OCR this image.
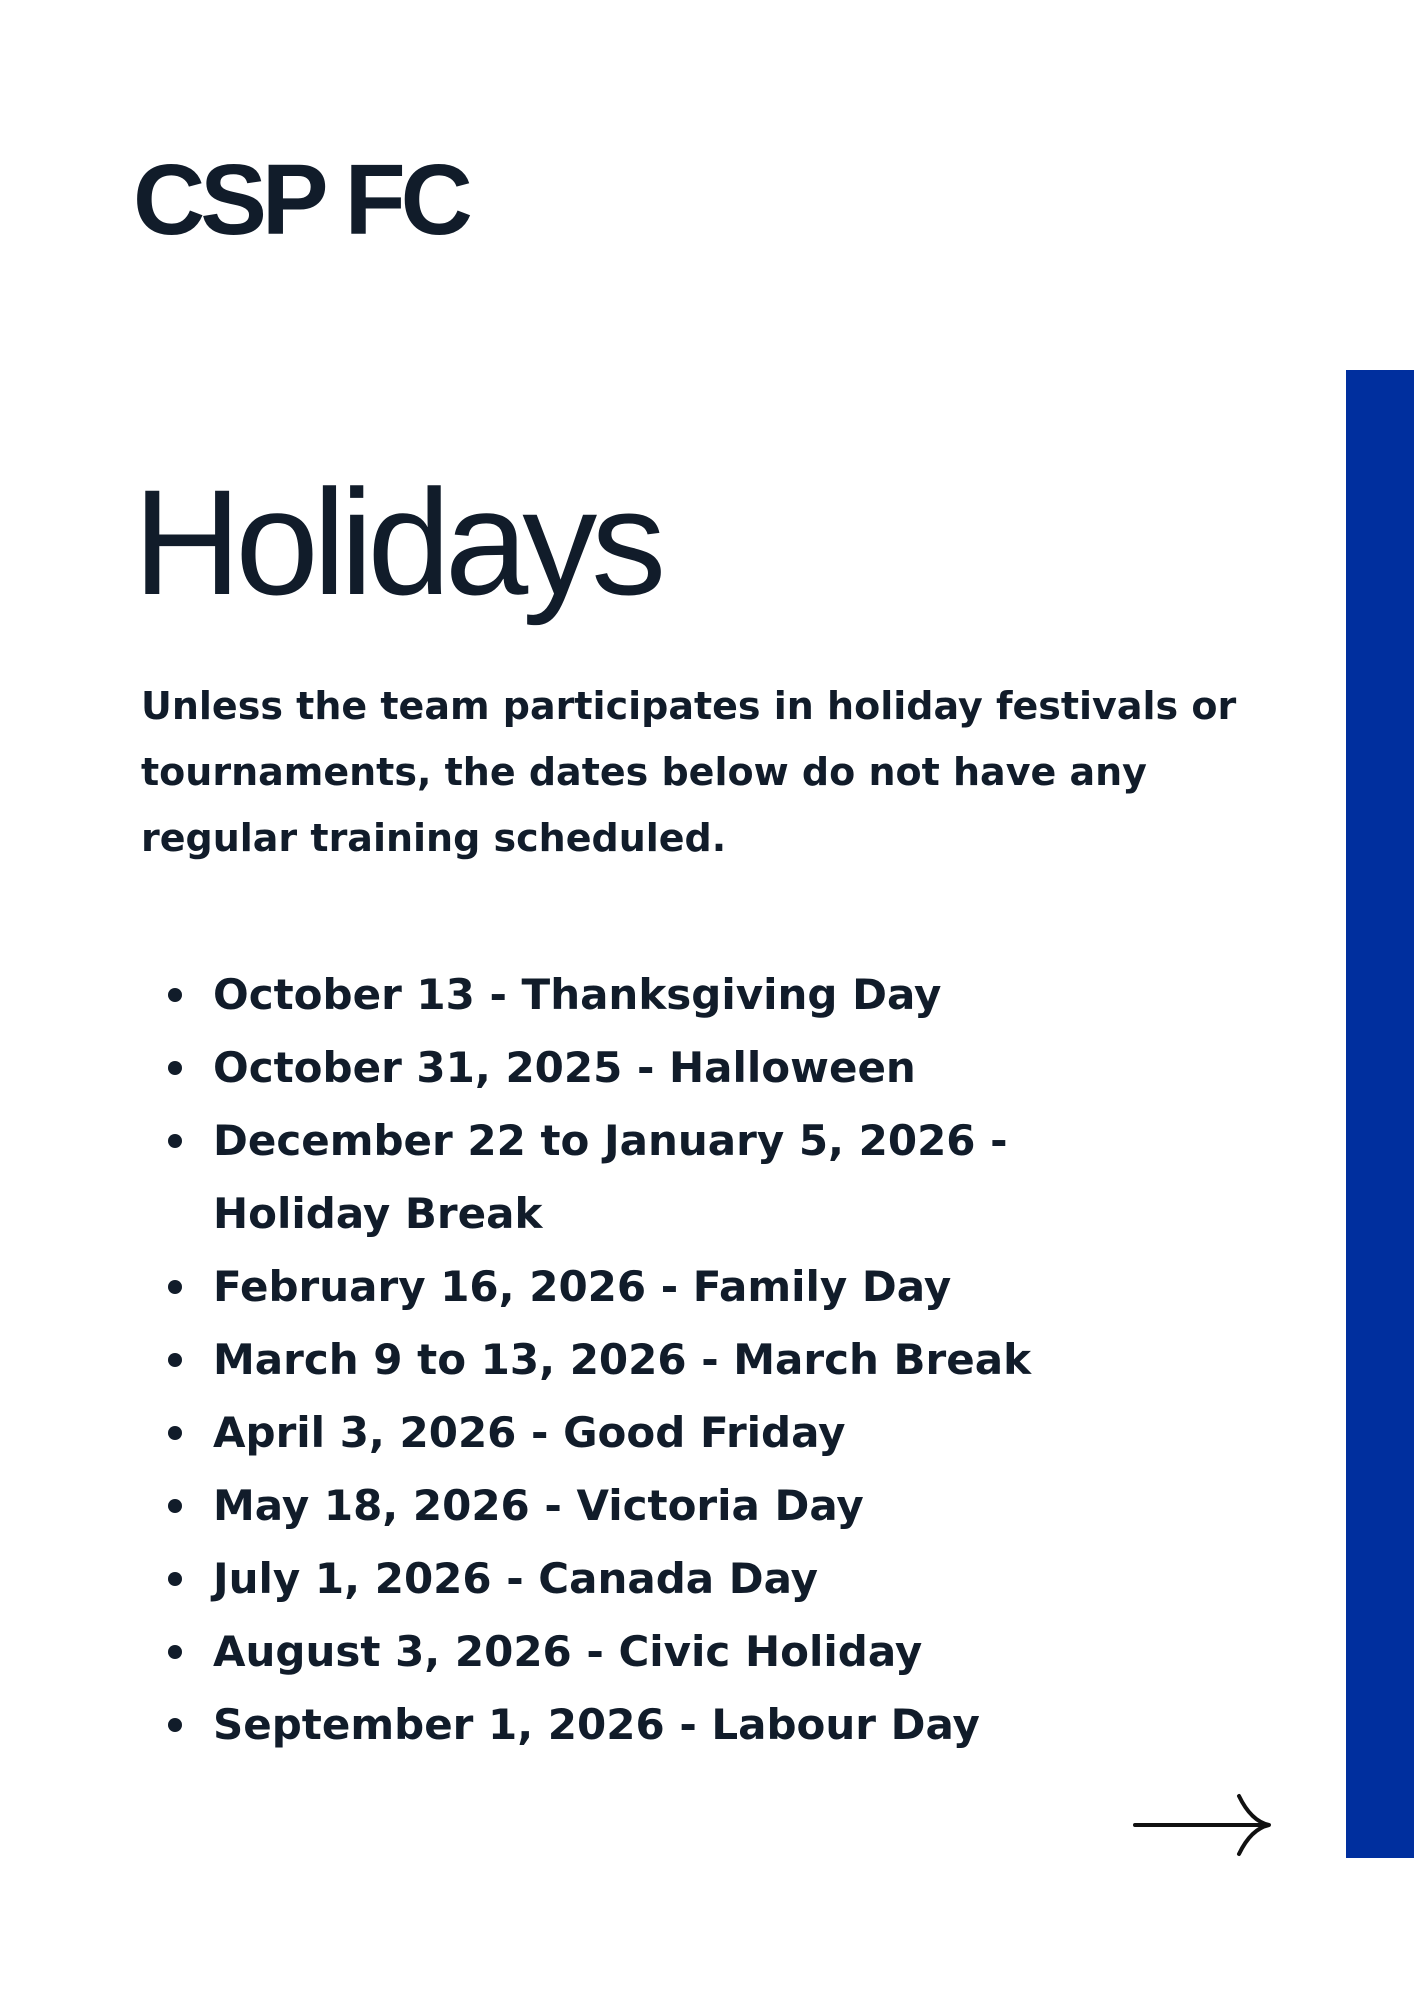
CSP FC
Holidays

Unless the team participates in holiday festivals or tournaments, the dates below do not have any regular training scheduled.

October 13 - Thanksgiving Day
October 31, 2025 - Halloween
December 22 to January 5, 2026 - Holiday Break
February 16, 2026 - Family Day
March 9 to 13, 2026 - March Break
April 3, 2026 - Good Friday
May 18, 2026 - Victoria Day
July 1, 2026 - Canada Day
August 3, 2026 - Civic Holiday
September 1, 2026 - Labour Day
